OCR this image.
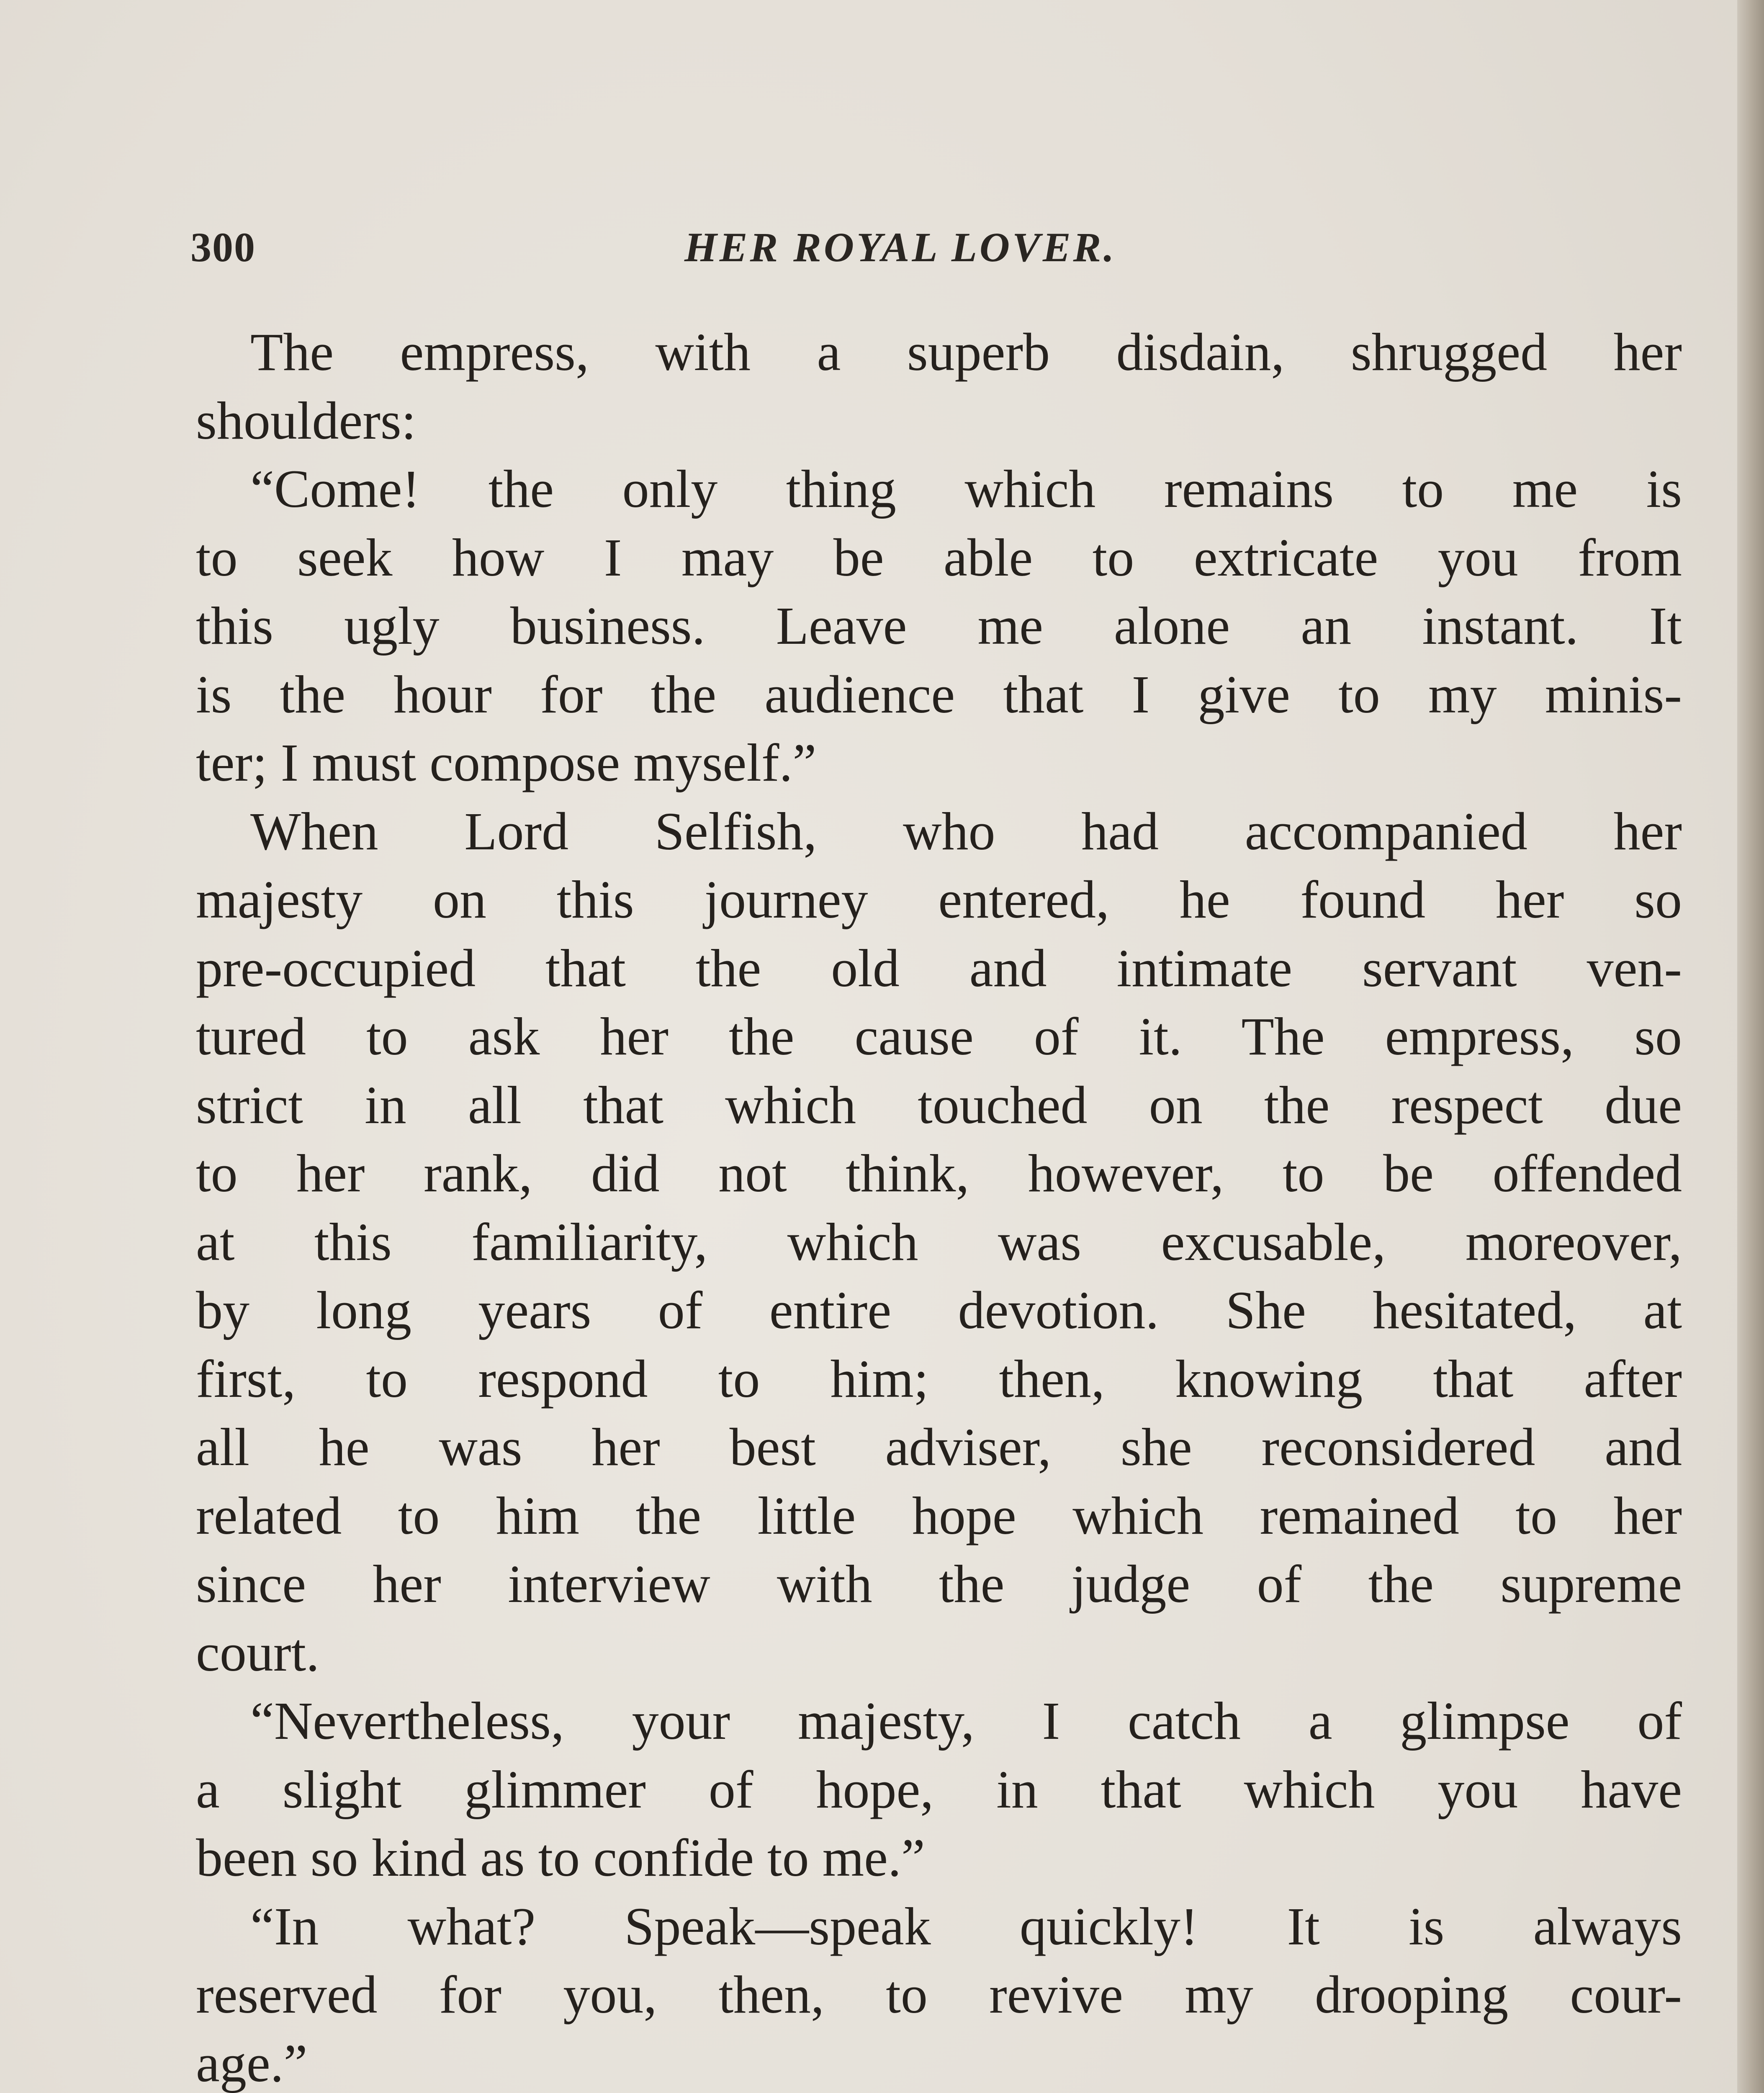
300	HER ROYAL LOVER.
The empress, with a superb disdain, shrugged her
shoulders:
“Come! the only thing which remains to me is
to seek how I may be able to extricate you from
this ugly business. Leave me alone an instant. It
is the hour for the audience that I give to my minis-
ter; I must compose myself.”
When Lord Selfish, who had accompanied her
majesty on this journey entered, he found her so
pre-occupied that the old and intimate servant ven-
tured to ask her the cause of it. The empress, so
strict in all that which touched on the respect due
to her rank, did not think, however, to be offended
at this familiarity, which was excusable, moreover,
by long years of entire devotion. She hesitated, at
first, to respond to him; then, knowing that after
all he was her best adviser, she reconsidered and
related to him the little hope which remained to her
since her interview with the judge of the supreme
court.
“Nevertheless, your majesty, I catch a glimpse of
a slight glimmer of hope, in that which you have
been so kind as to confide to me.”
“In what? Speak—speak quickly! It is always
reserved for you, then, to revive my drooping cour-
age.”
